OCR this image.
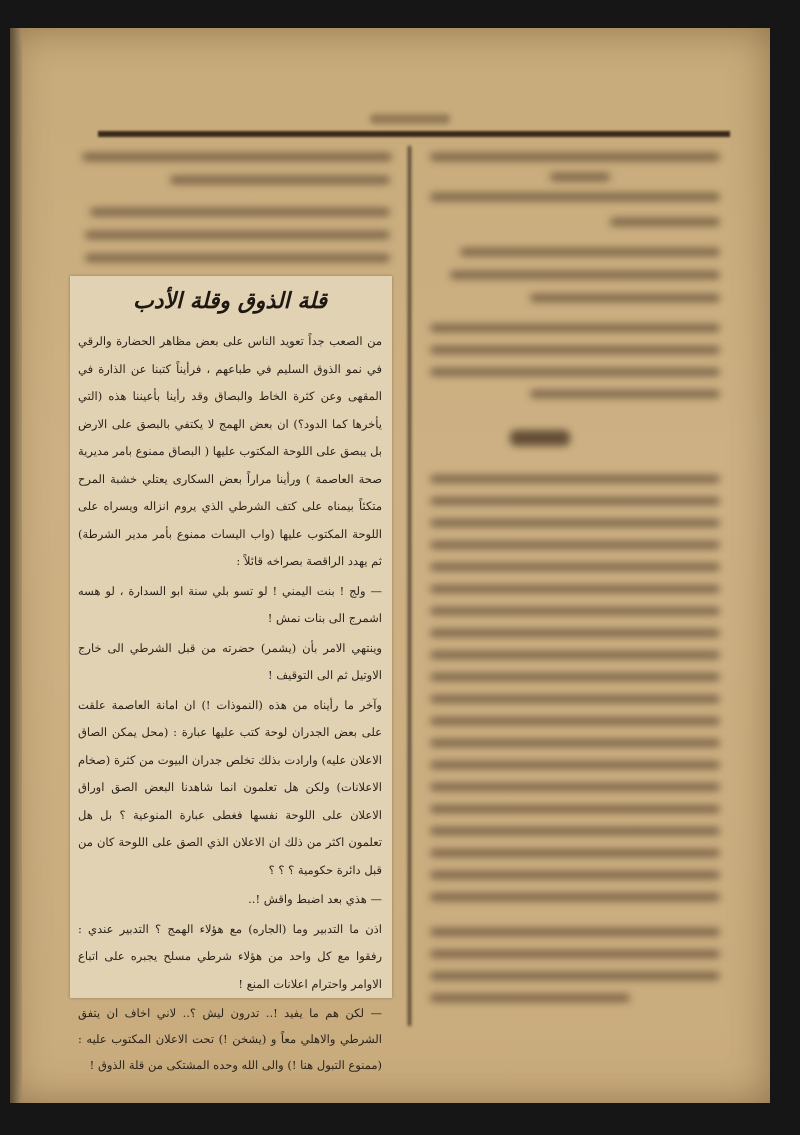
قلة الذوق وقلة الأدب

من الصعب جداً تعويد الناس على بعض مظاهر الحضارة والرقي في نمو الذوق السليم في طباعهم ، فرأيناً كتبنا عن الذارة في المقهى وعن كثرة الخاط والبصاق وقد رأينا بأعيننا هذه (التي يأخرها كما الدود؟) ان بعض الهمج لا يكتفي بالبصق على الارض بل يبصق على اللوحة المكتوب عليها ( البصاق ممنوع بامر مديرية صحة العاصمة ) ورأينا مراراً بعض السكارى يعتلي خشبة المرح متكئاً بيمناه على كتف الشرطي الذي يروم انزاله ويسراه على اللوحة المكتوب عليها (واب اليسات ممنوع بأمر مدير الشرطة) ثم يهدد الراقصة بصراخه قائلاً :

— ولج ! بنت اليمني ! لو تسو بلي سنة ابو السدارة ، لو هسه اشمرج الى بنات نمش !

وينتهي الامر بأن (يشمر) حضرته من قبل الشرطي الى خارج الاوتيل ثم الى التوقيف !

وآخر ما رأيناه من هذه (النموذات !) ان امانة العاصمة علقت على بعض الجدران لوحة كتب عليها عبارة : (محل يمكن الصاق الاعلان عليه) وارادت بذلك تخلص جدران البيوت من كثرة (صخام الاعلانات) ولكن هل تعلمون انما شاهدنا البعض الصق اوراق الاعلان على اللوحة نفسها فغطى عبارة المنوعية ؟ بل هل تعلمون اكثر من ذلك ان الاعلان الذي الصق على اللوحة كان من قبل دائرة حكومية ؟ ؟ ؟

— هذي بعد اضبط واقش !..

اذن ما التدبير وما (الجاره) مع هؤلاء الهمج ؟ التدبير عندي : رفقوا مع كل واحد من هؤلاء شرطي مسلح يجبره على اتباع الاوامر واحترام اعلانات المنع !

— لكن هم ما يفيد !.. تدرون ليش ؟.. لاني اخاف ان يتفق الشرطي والاهلي معاً و (يشخن !) تحت الاعلان المكتوب عليه : (ممنوع التبول هنا !) والى الله وحده المشتكى من قلة الذوق !
